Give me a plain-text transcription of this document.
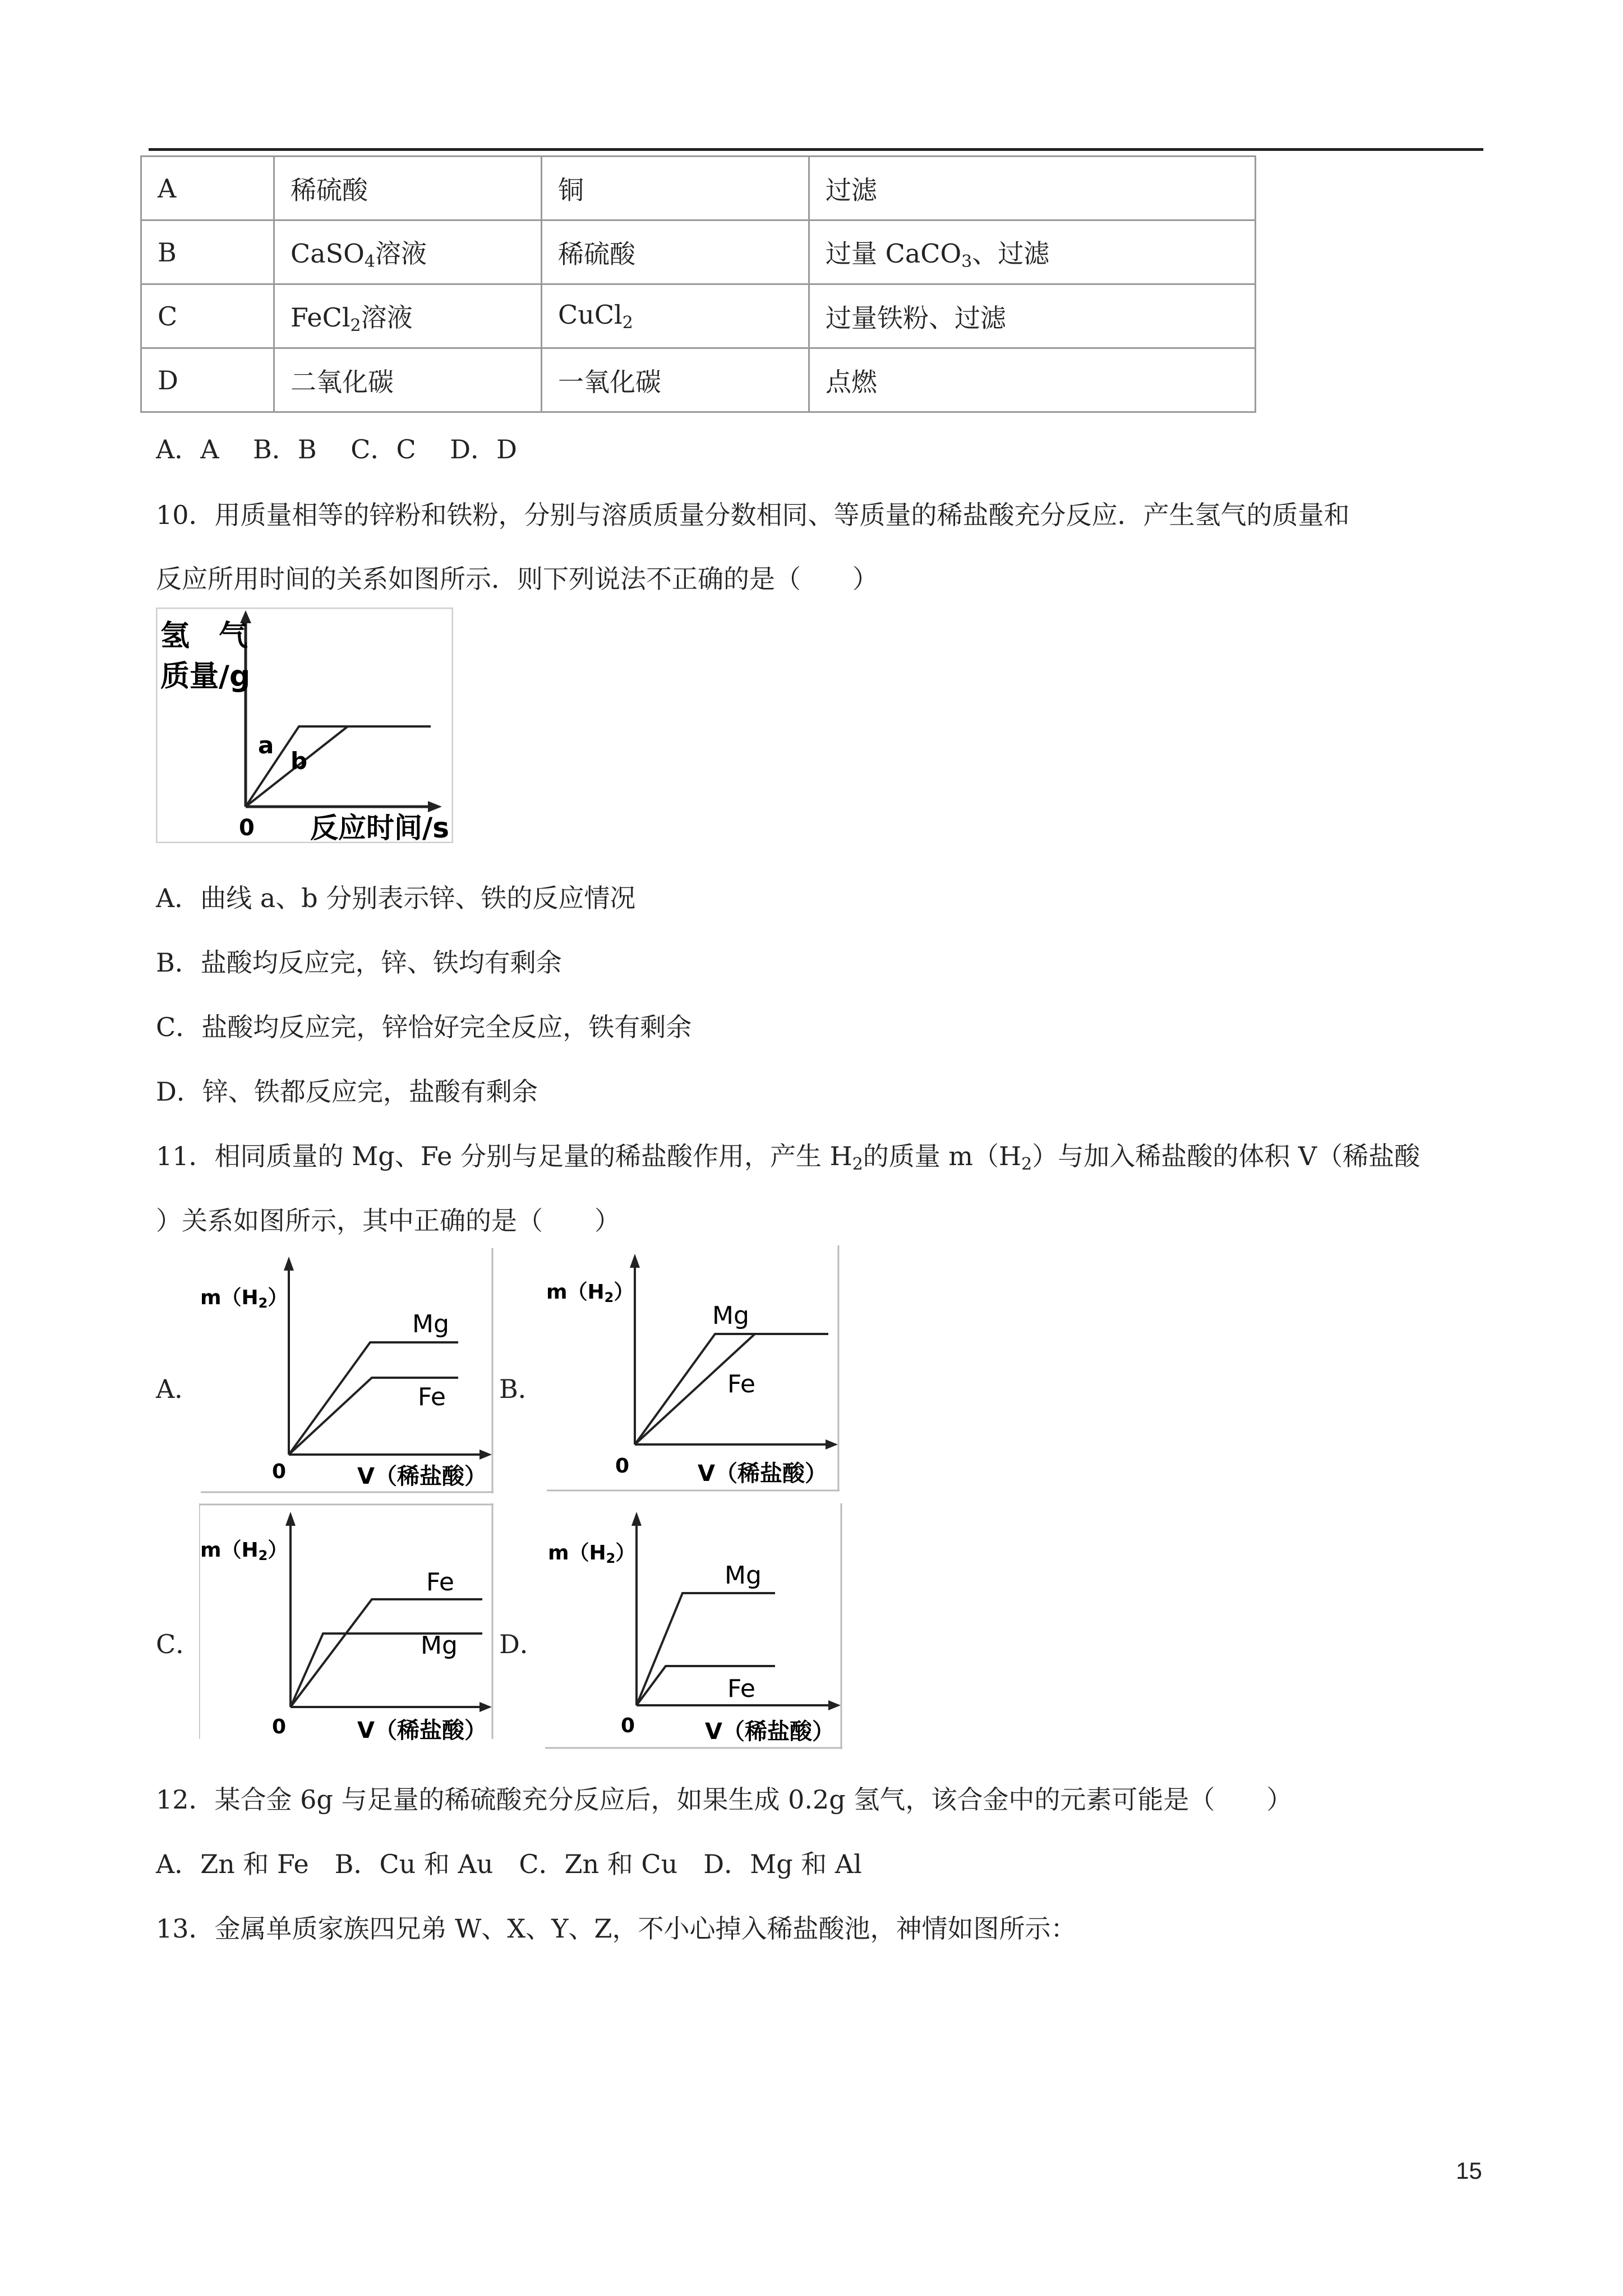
A	稀硫酸	铜	过滤
B	CaSO$_4$溶液	稀硫酸	过量 CaCO$_3$、过滤
C	FeCl$_2$溶液	CuCl$_2$	过量铁粉、过滤
D	二氧化碳	一氧化碳	点燃
A．A　 B．B　 C．C　 D．D
10．用质量相等的锌粉和铁粉，分别与溶质质量分数相同、等质量的稀盐酸充分反应．产生氢气的质量和
反应所用时间的关系如图所示．则下列说法不正确的是（　　）
氢　气
质量/g
a
b
0 反应时间/s
A．曲线 a、b 分别表示锌、铁的反应情况
B．盐酸均反应完，锌、铁均有剩余
C．盐酸均反应完，锌恰好完全反应，铁有剩余
D．锌、铁都反应完，盐酸有剩余
11．相同质量的 Mg、Fe 分别与足量的稀盐酸作用，产生 $H_2$的质量 $m(H_2)$与加入稀盐酸的体积 V（稀盐酸
）关系如图所示，其中正确的是（　　）
A．	B．
C．	D．
m（H2）
Mg
Fe
0	V（稀盐酸）
m（H2）
Mg
Fe
0	V（稀盐酸）
m（H2）
Fe
Mg
0	V（稀盐酸）
m（H2）
Mg
Fe
0	V（稀盐酸）
12．某合金 6g 与足量的稀硫酸充分反应后，如果生成 0.2g 氢气，该合金中的元素可能是（　　）
A．Zn 和 Fe　B．Cu 和 Au　C．Zn 和 Cu　D．Mg 和 Al
13．金属单质家族四兄弟 W、X、Y、Z，不小心掉入稀盐酸池，神情如图所示：
15
